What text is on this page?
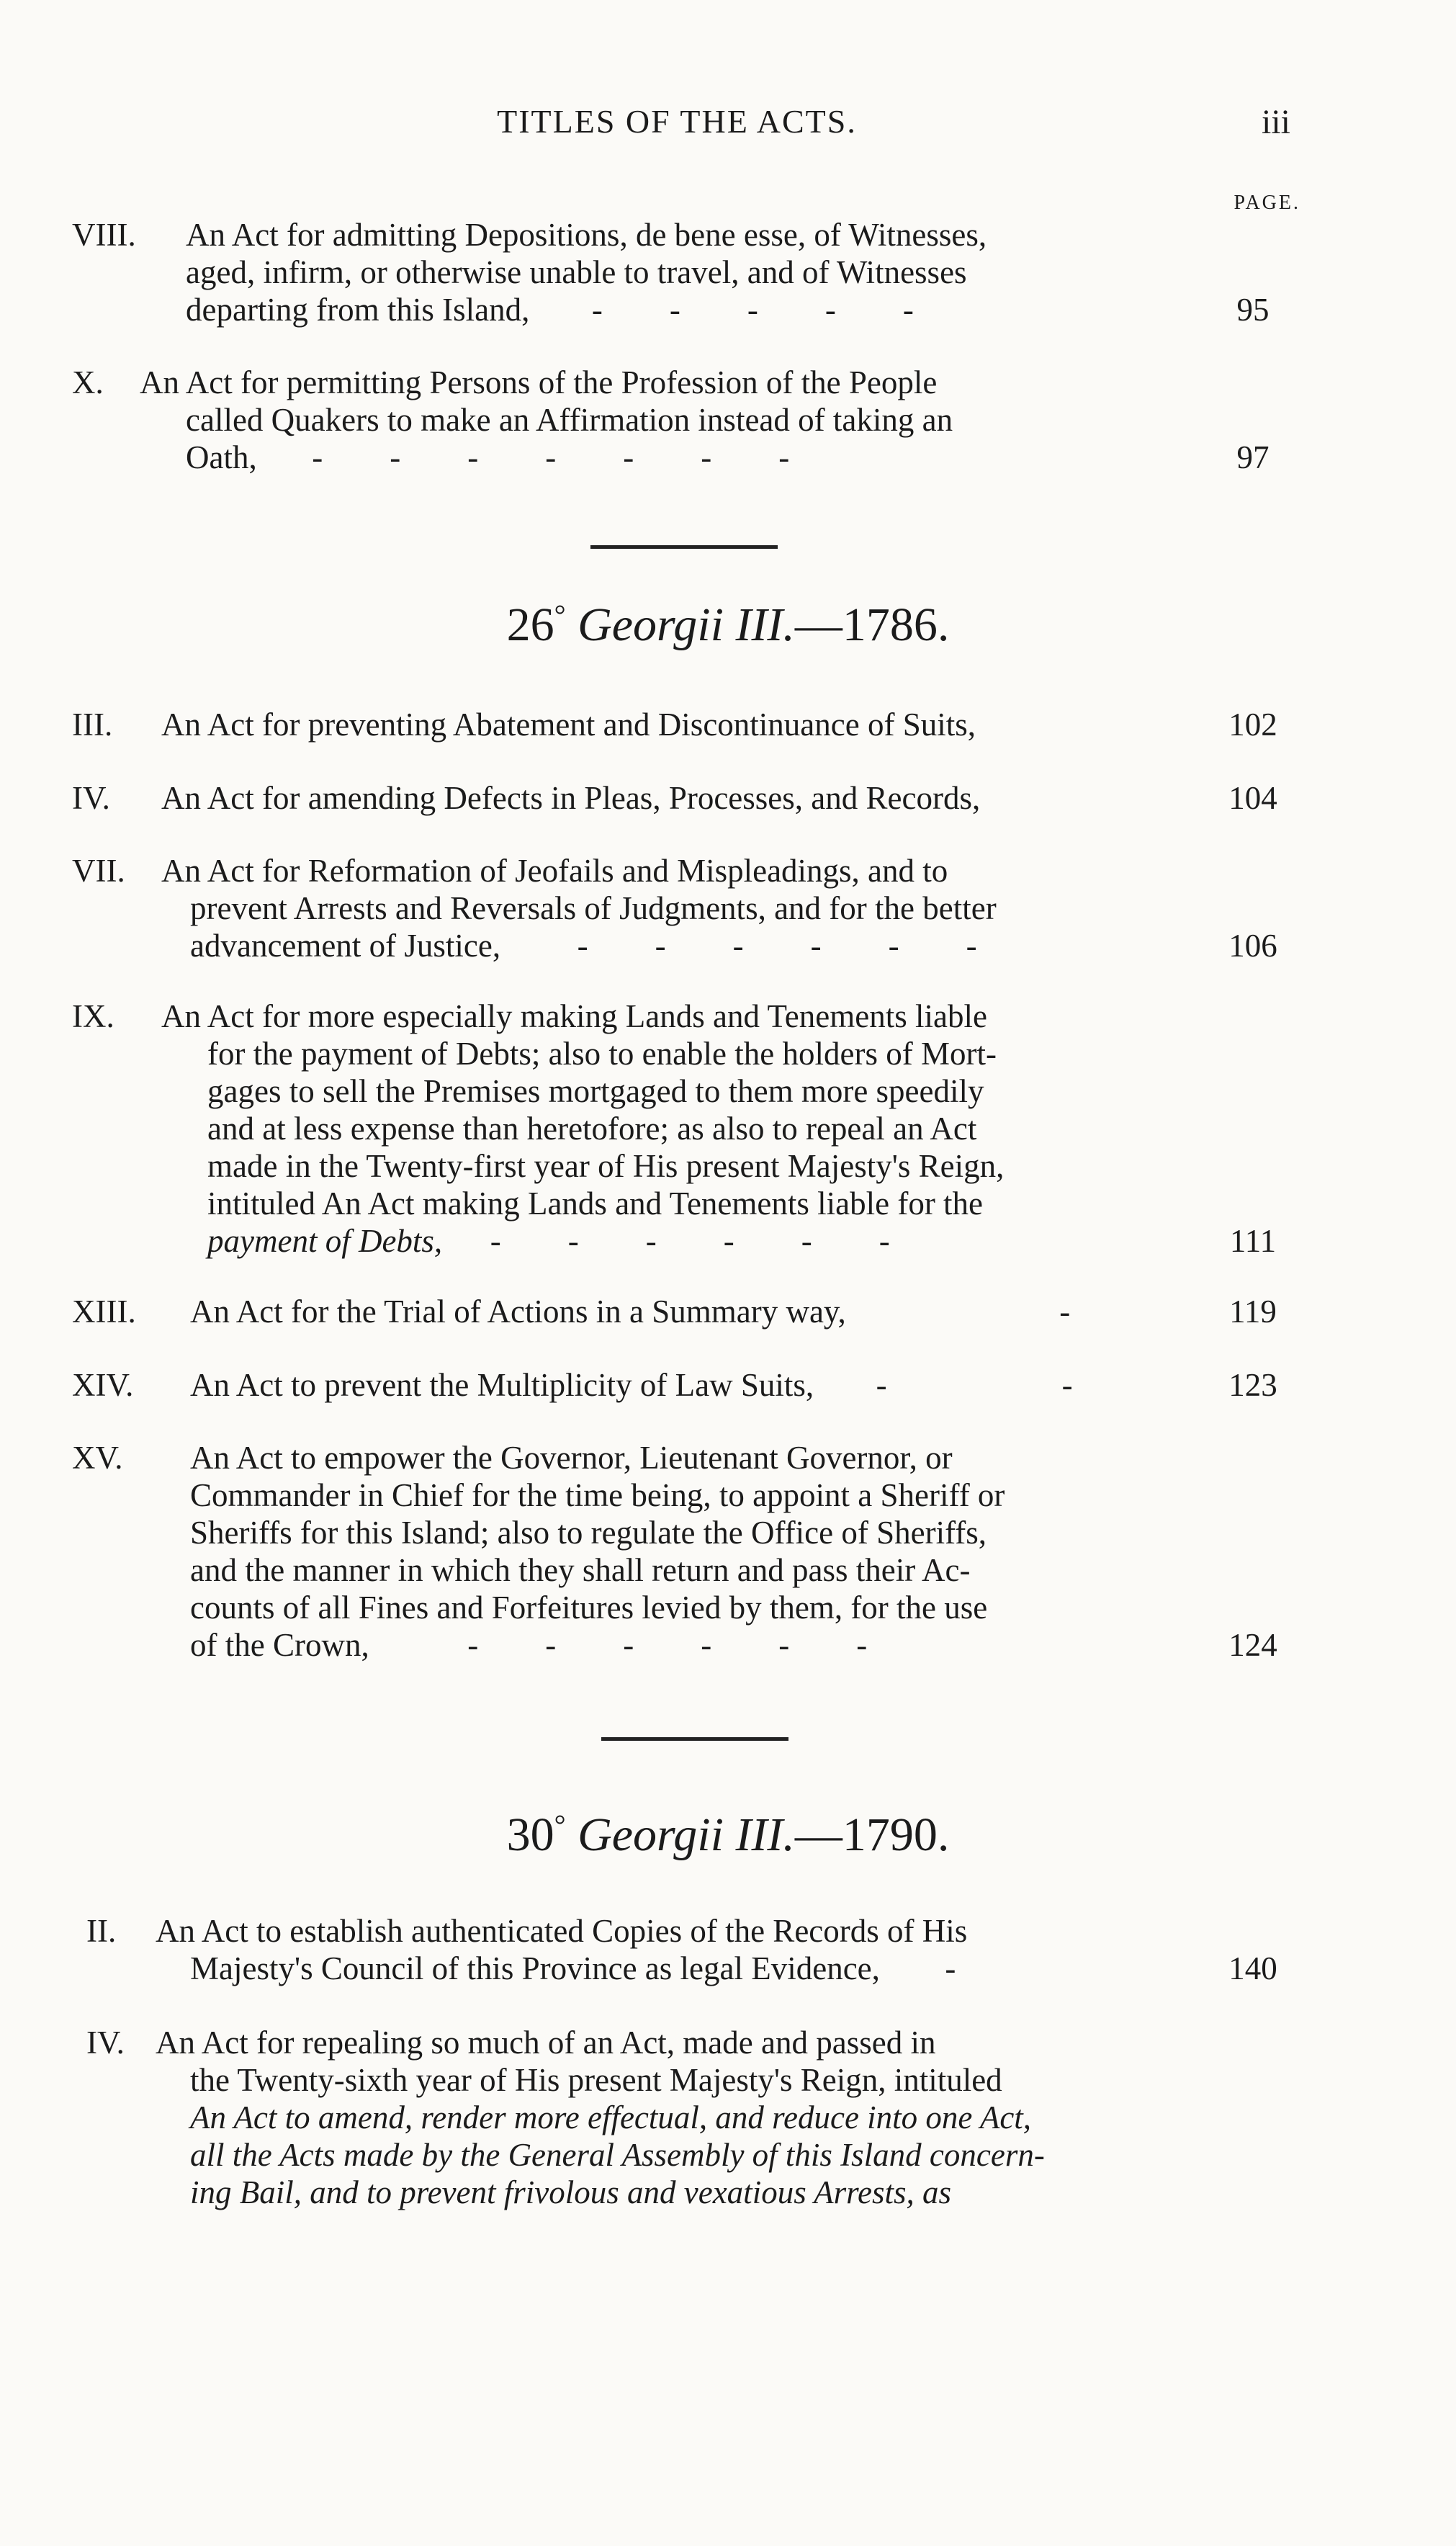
TITLES OF THE ACTS.	iii
PAGE.
VIII. An Act for admitting Depositions, de bene esse, of Witnesses,
aged, infirm, or otherwise unable to travel, and of Witnesses
departing from this Island, - - - - -	95
X. An Act for permitting Persons of the Profession of the People
called Quakers to make an Affirmation instead of taking an
Oath, - - - - - - -	97
26° Georgii III.—1786.
III. An Act for preventing Abatement and Discontinuance of Suits,	102
IV. An Act for amending Defects in Pleas, Processes, and Records,	104
VII. An Act for Reformation of Jeofails and Mispleadings, and to
prevent Arrests and Reversals of Judgments, and for the better
advancement of Justice, - - - - - -	106
IX. An Act for more especially making Lands and Tenements liable
for the payment of Debts; also to enable the holders of Mort-
gages to sell the Premises mortgaged to them more speedily
and at less expense than heretofore; as also to repeal an Act
made in the Twenty-first year of His present Majesty's Reign,
intituled An Act making Lands and Tenements liable for the
payment of Debts, - - - - - -	111
XIII. An Act for the Trial of Actions in a Summary way,	-	119
XIV. An Act to prevent the Multiplicity of Law Suits, -	-	123
XV. An Act to empower the Governor, Lieutenant Governor, or
Commander in Chief for the time being, to appoint a Sheriff or
Sheriffs for this Island; also to regulate the Office of Sheriffs,
and the manner in which they shall return and pass their Ac-
counts of all Fines and Forfeitures levied by them, for the use
of the Crown,	- - - - - -	124
30° Georgii III.—1790.
II. An Act to establish authenticated Copies of the Records of His
Majesty's Council of this Province as legal Evidence, -	140
IV. An Act for repealing so much of an Act, made and passed in
the Twenty-sixth year of His present Majesty's Reign, intituled
An Act to amend, render more effectual, and reduce into one Act,
all the Acts made by the General Assembly of this Island concern-
ing Bail, and to prevent frivolous and vexatious Arrests, as
